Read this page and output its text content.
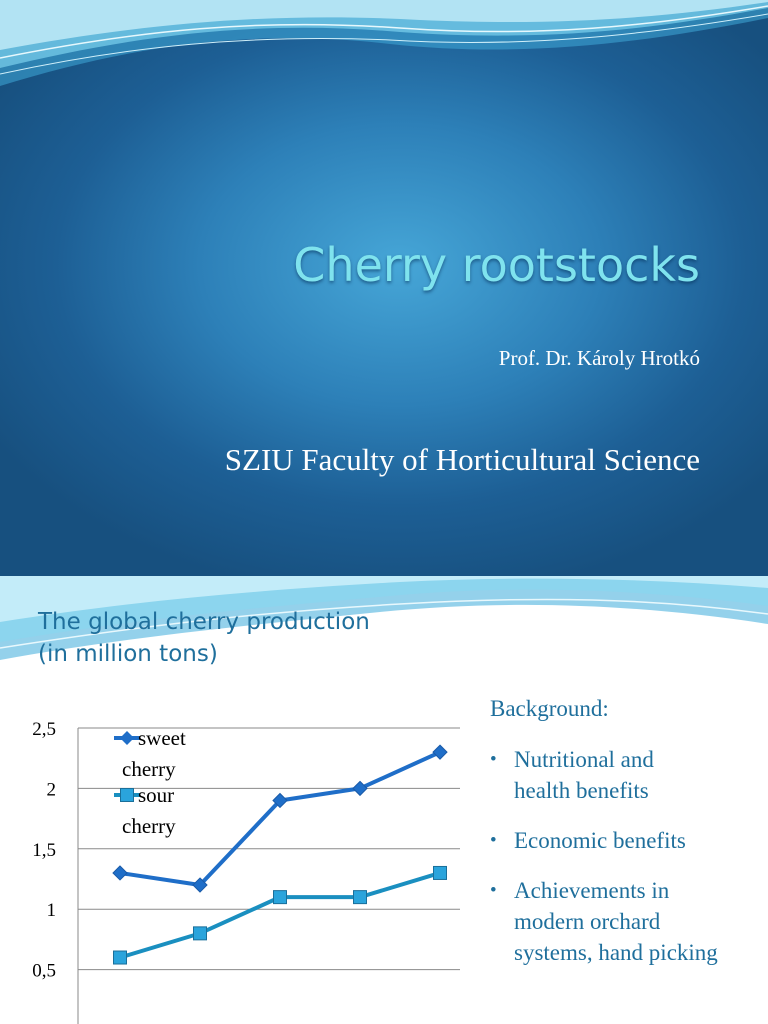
Cherry rootstocks
Prof. Dr. Károly Hrotkó
SZIU Faculty of Horticultural Science
The global cherry production
(in million tons)
0,5
1
1,5
2
2,5	sweet
cherry
sour
cherry
Background:
• Nutritional and
health benefits
• Economic benefits
• Achievements in
modern orchard
systems, hand picking
